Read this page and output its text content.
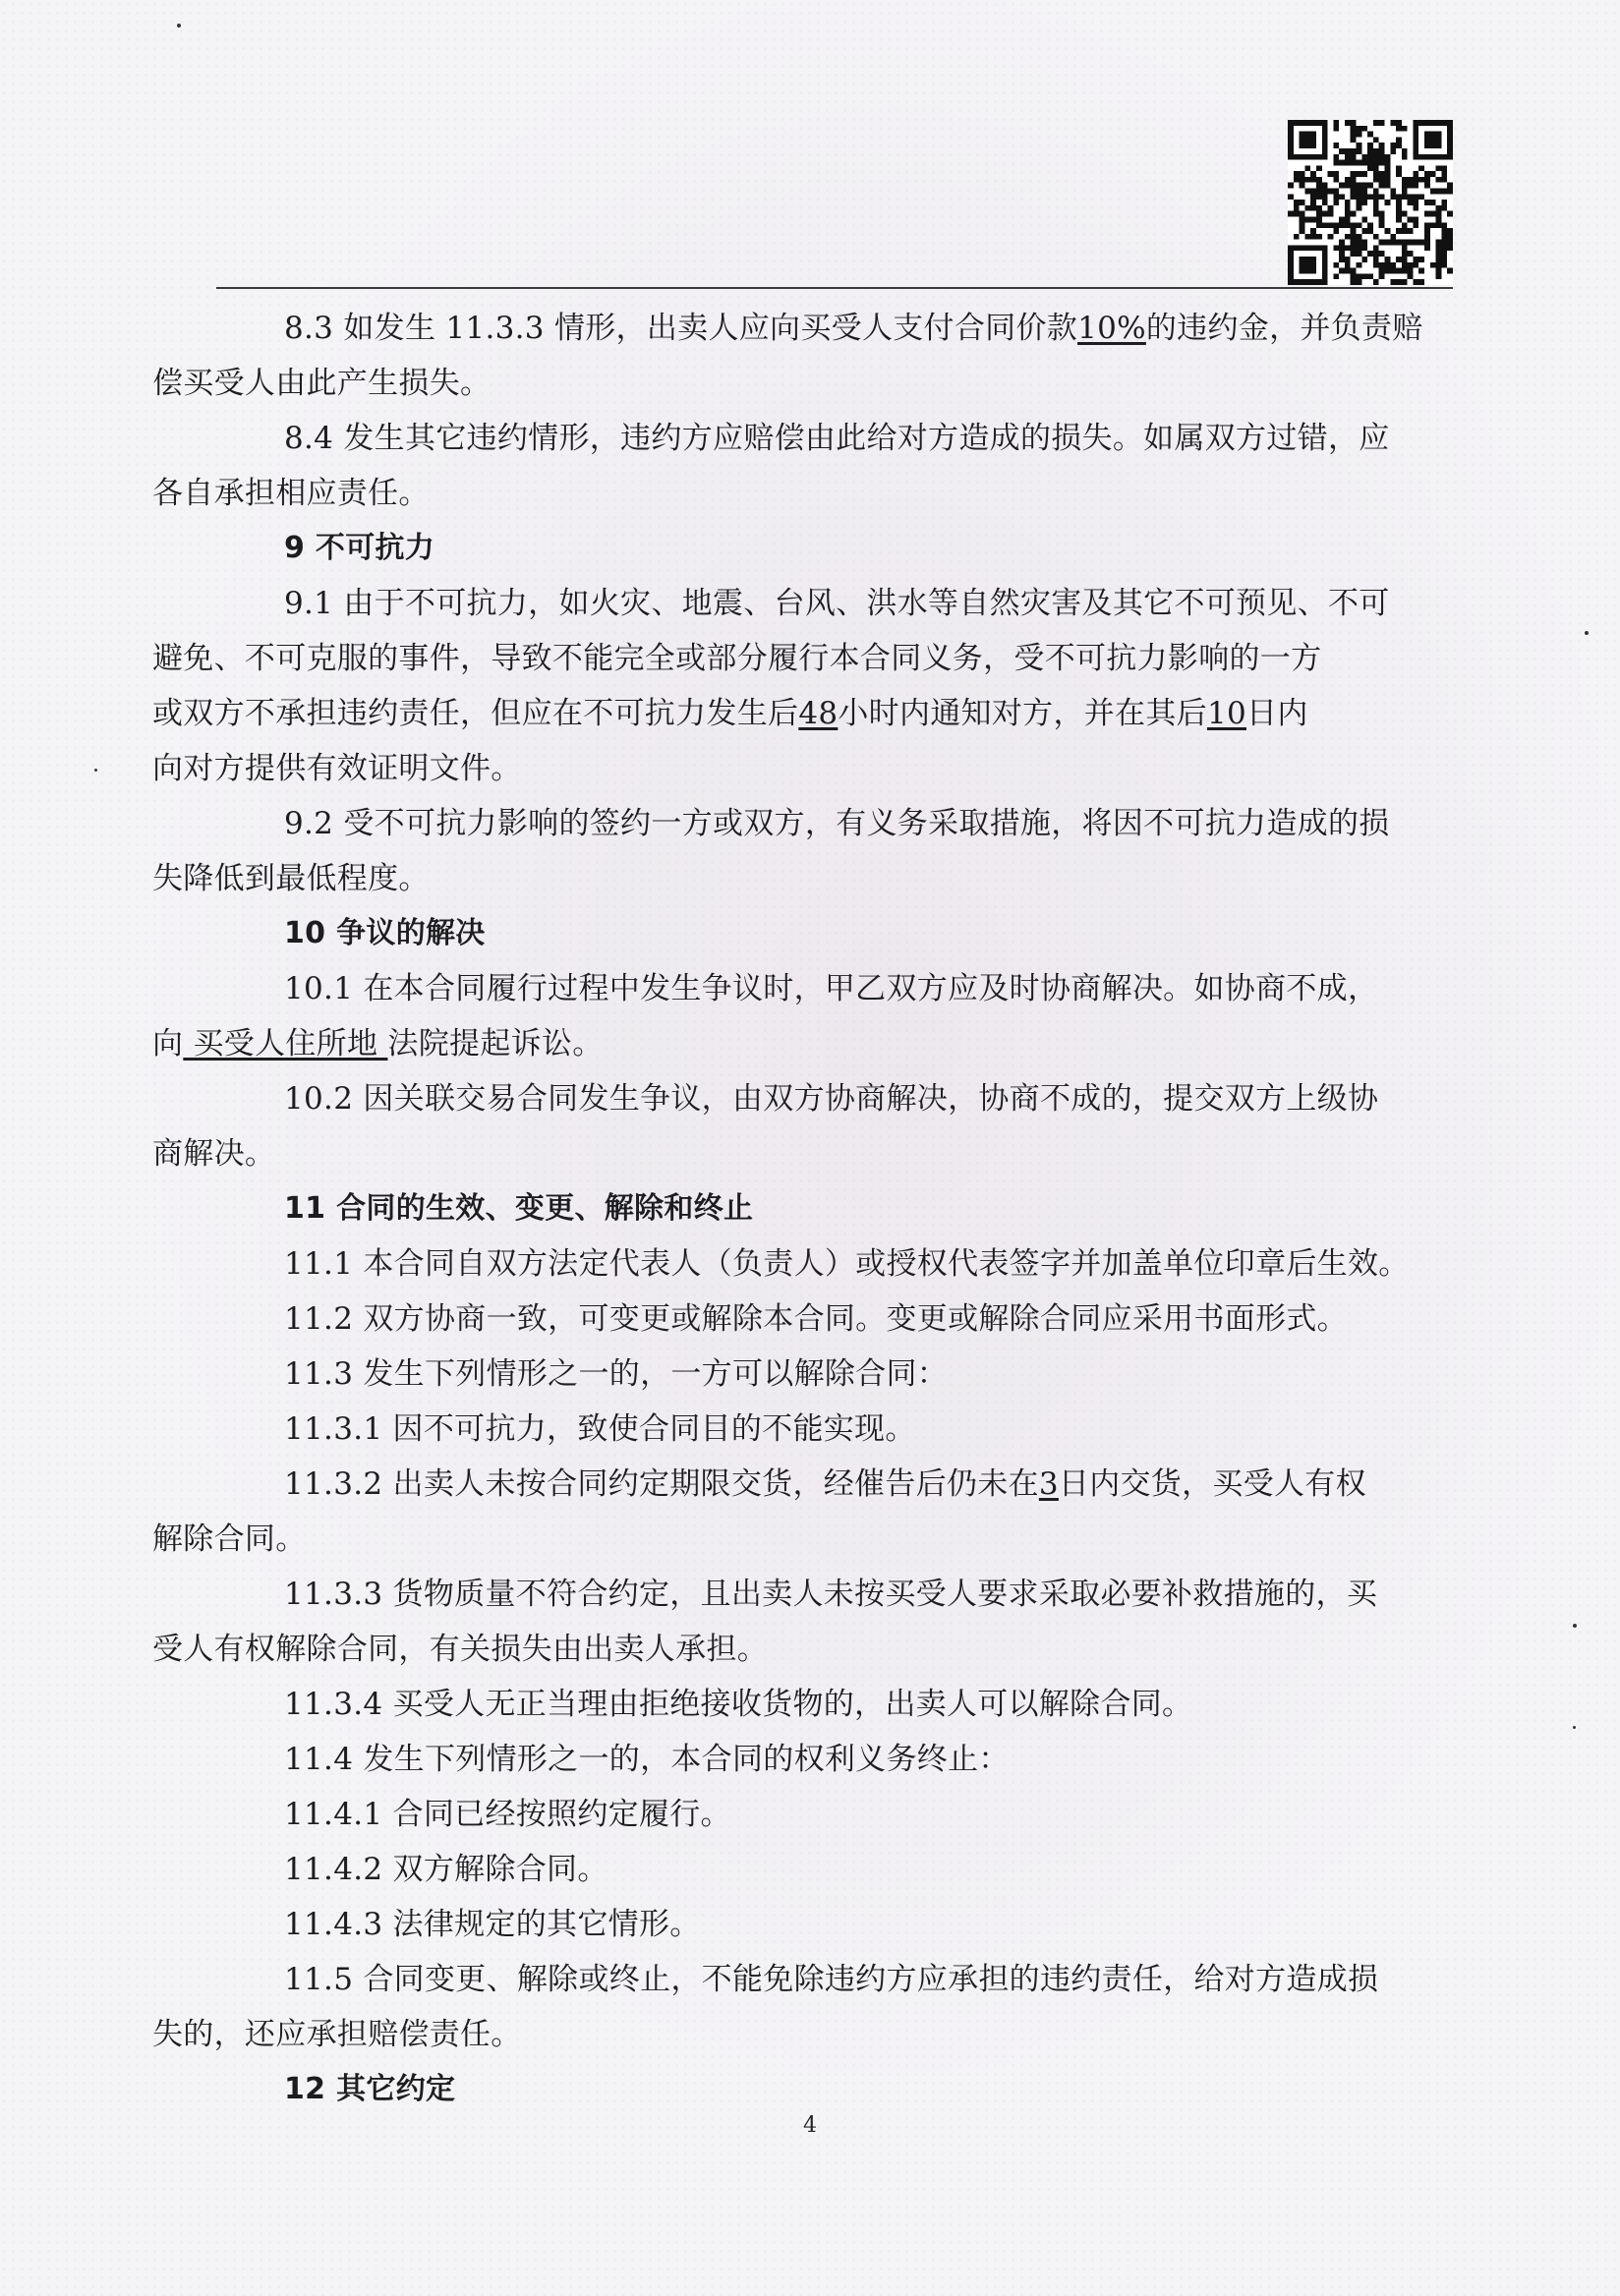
8.3 如发生 11.3.3 情形，出卖人应向买受人支付合同价款10%的违约金，并负责赔
偿买受人由此产生损失。
8.4 发生其它违约情形，违约方应赔偿由此给对方造成的损失。如属双方过错，应
各自承担相应责任。
9 不可抗力
9.1 由于不可抗力，如火灾、地震、台风、洪水等自然灾害及其它不可预见、不可
避免、不可克服的事件，导致不能完全或部分履行本合同义务，受不可抗力影响的一方
或双方不承担违约责任，但应在不可抗力发生后48小时内通知对方，并在其后10日内
向对方提供有效证明文件。
9.2 受不可抗力影响的签约一方或双方，有义务采取措施，将因不可抗力造成的损
失降低到最低程度。
10 争议的解决
10.1 在本合同履行过程中发生争议时，甲乙双方应及时协商解决。如协商不成，
向 买受人住所地 法院提起诉讼。
10.2 因关联交易合同发生争议，由双方协商解决，协商不成的，提交双方上级协
商解决。
11 合同的生效、变更、解除和终止
11.1 本合同自双方法定代表人（负责人）或授权代表签字并加盖单位印章后生效。
11.2 双方协商一致，可变更或解除本合同。变更或解除合同应采用书面形式。
11.3 发生下列情形之一的，一方可以解除合同：
11.3.1 因不可抗力，致使合同目的不能实现。
11.3.2 出卖人未按合同约定期限交货，经催告后仍未在3日内交货，买受人有权
解除合同。
11.3.3 货物质量不符合约定，且出卖人未按买受人要求采取必要补救措施的，买
受人有权解除合同，有关损失由出卖人承担。
11.3.4 买受人无正当理由拒绝接收货物的，出卖人可以解除合同。
11.4 发生下列情形之一的，本合同的权利义务终止：
11.4.1 合同已经按照约定履行。
11.4.2 双方解除合同。
11.4.3 法律规定的其它情形。
11.5 合同变更、解除或终止，不能免除违约方应承担的违约责任，给对方造成损
失的，还应承担赔偿责任。
12 其它约定
4
